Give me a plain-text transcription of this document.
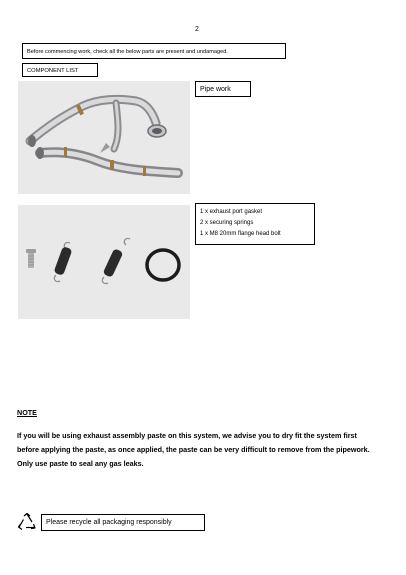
2
Before commencing work, check all the below parts are present and undamaged.
COMPONENT LIST
Pipe work
1 x exhaust port gasket
2 x securing springs
1 x M8 20mm flange head bolt
NOTE
If you will be using exhaust assembly paste on this system, we advise you to dry fit the system first before applying the paste, as once applied, the paste can be very difficult to remove from the pipework. Only use paste to seal any gas leaks.
Please recycle all packaging responsibly
